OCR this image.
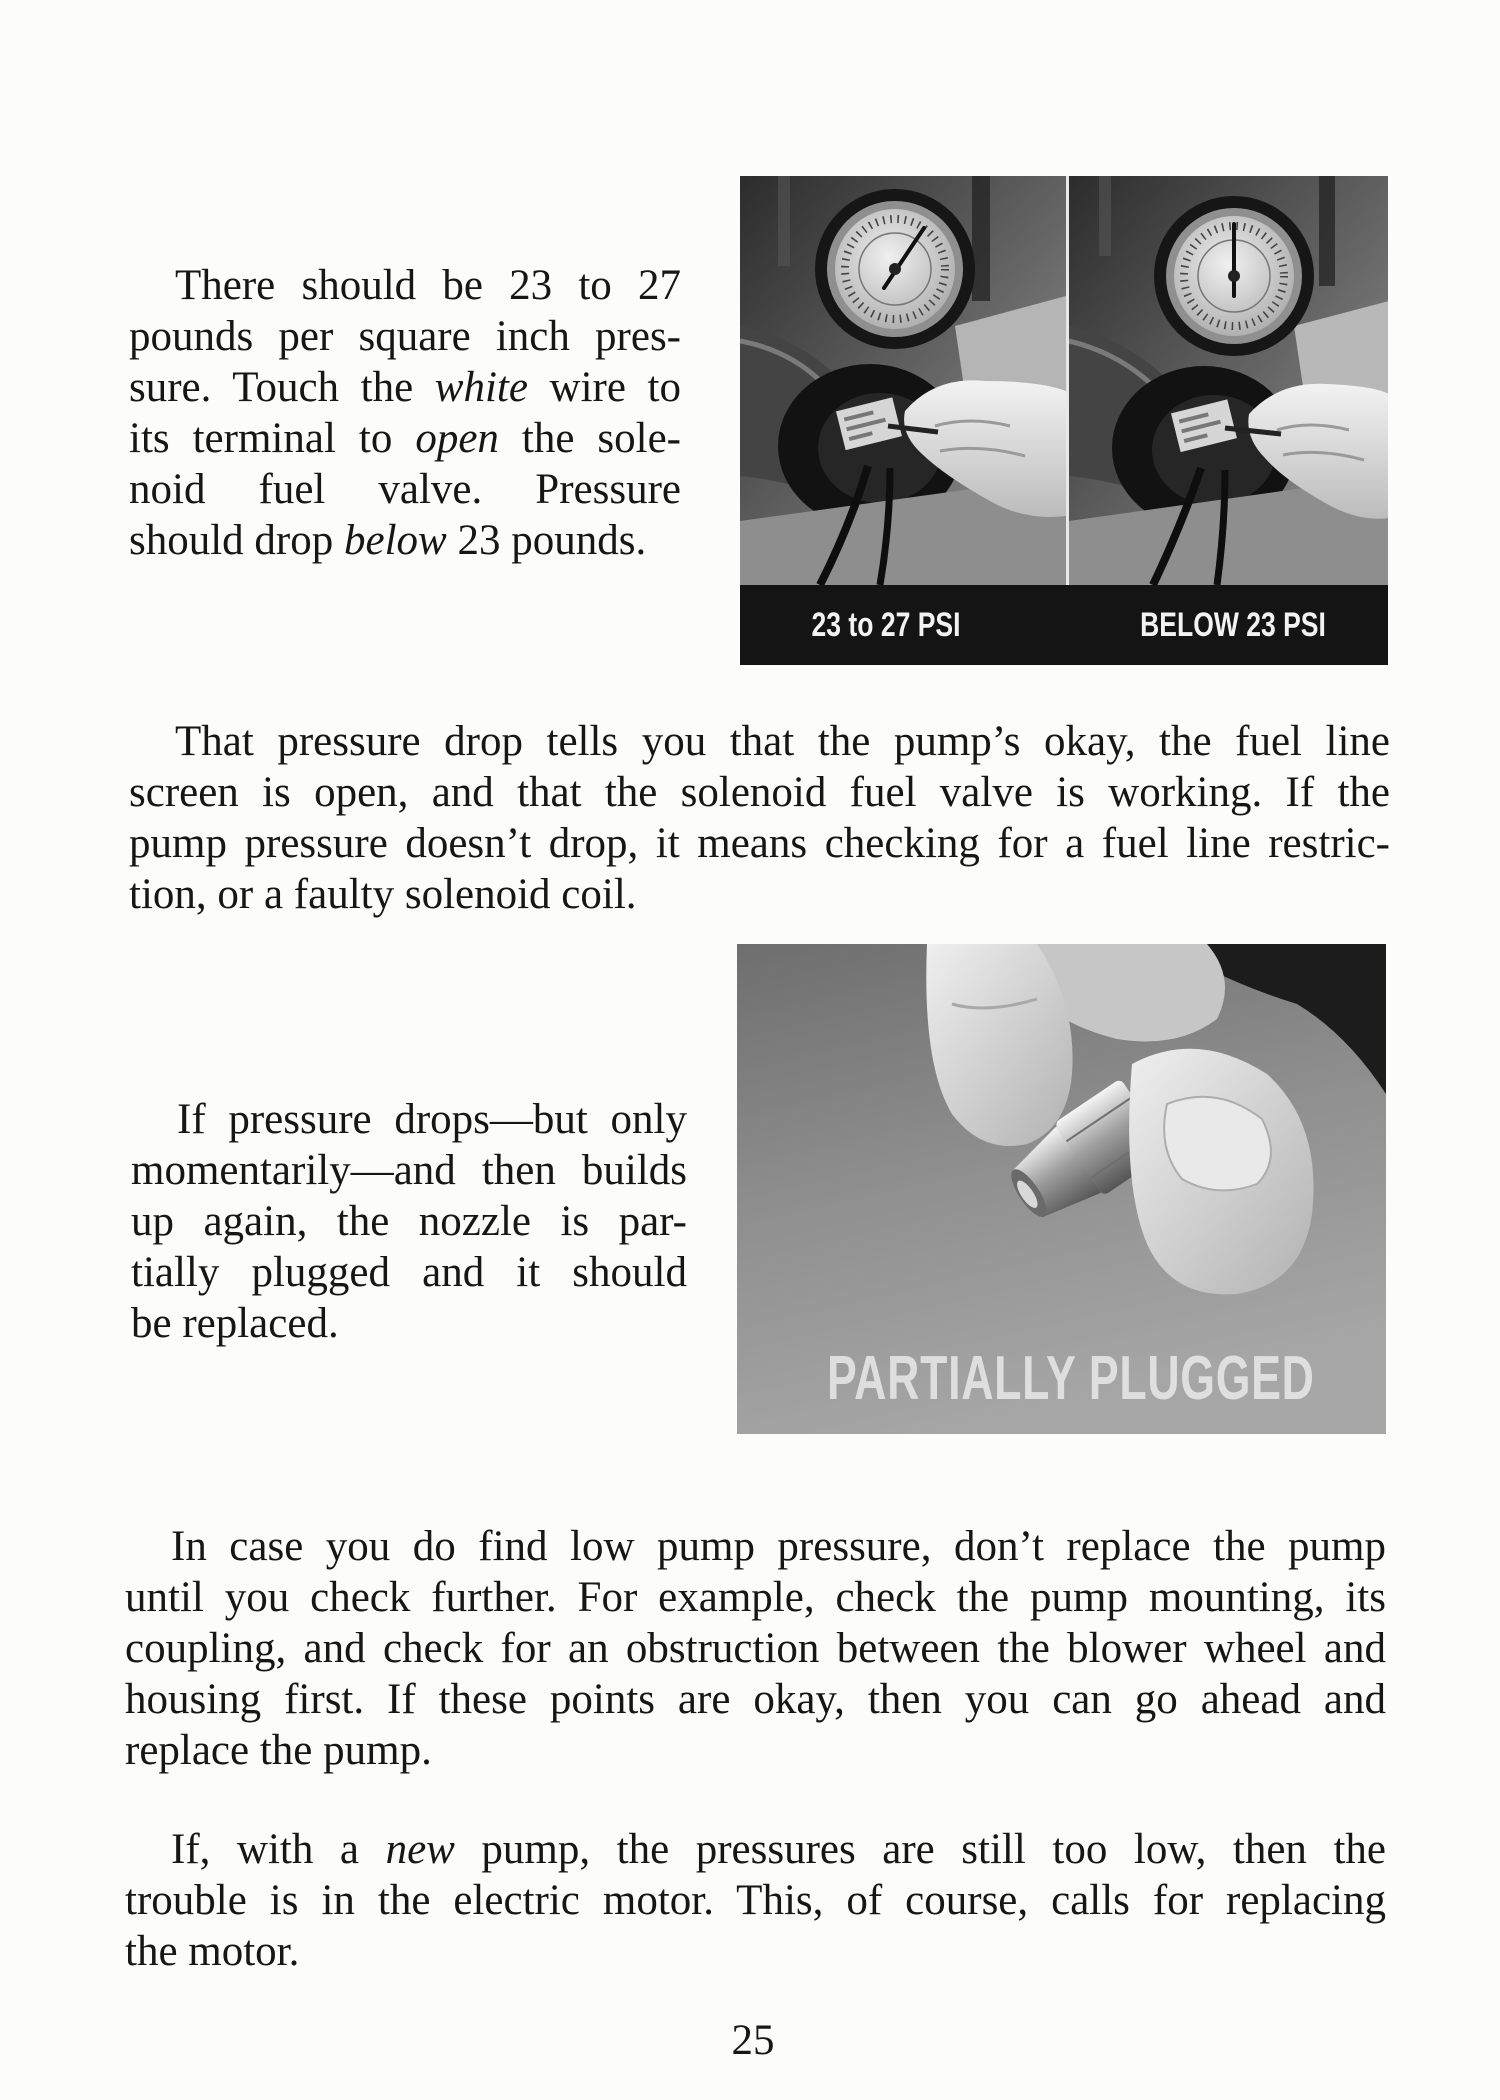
There should be 23 to 27
pounds per square inch pres-
sure. Touch the white wire to
its terminal to open the sole-
noid fuel valve. Pressure
should drop below 23 pounds.
23 to 27 PSI	BELOW 23 PSI
That pressure drop tells you that the pump’s okay, the fuel line
screen is open, and that the solenoid fuel valve is working. If the
pump pressure doesn’t drop, it means checking for a fuel line restric-
tion, or a faulty solenoid coil.
If pressure drops—but only
momentarily—and then builds
up again, the nozzle is par-
tially plugged and it should
be replaced.
PARTIALLY PLUGGED
In case you do find low pump pressure, don’t replace the pump
until you check further. For example, check the pump mounting, its
coupling, and check for an obstruction between the blower wheel and
housing first. If these points are okay, then you can go ahead and
replace the pump.
If, with a new pump, the pressures are still too low, then the
trouble is in the electric motor. This, of course, calls for replacing
the motor.
25
